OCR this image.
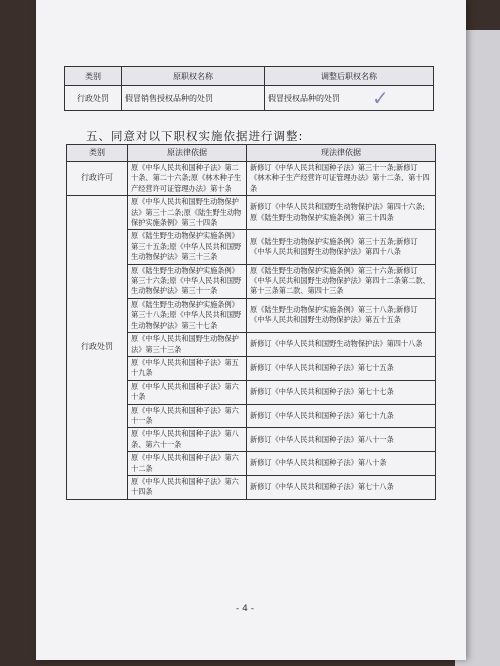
类别	原职权名称	调整后职权名称
行政处罚	假冒销售授权品种的处罚	假冒授权品种的处罚 ✓
五、同意对以下职权实施依据进行调整:
类别	原法律依据	现法律依据
行政许可	原《中华人民共和国种子法》第二十条、第二十六条;原《林木种子生产经营许可证管理办法》第十条	新修订《中华人民共和国种子法》第三十一条;新修订《林木种子生产经营许可证管理办法》第十二条、第十四条
行政处罚	原《中华人民共和国野生动物保护法》第三十二条;原《陆生野生动物保护实施条例》第三十四条	新修订《中华人民共和国野生动物保护法》第四十六条;原《陆生野生动物保护实施条例》第三十四条
	原《陆生野生动物保护实施条例》第三十五条;原《中华人民共和国野生动物保护法》第三十三条	原《陆生野生动物保护实施条例》第三十五条;新修订《中华人民共和国野生动物保护法》第四十八条
	原《陆生野生动物保护实施条例》第三十六条;原《中华人民共和国野生动物保护法》第三十一条	原《陆生野生动物保护实施条例》第三十六条;新修订《中华人民共和国野生动物保护法》第四十二条第二款、第十三条第二款、第四十三条
	原《陆生野生动物保护实施条例》第三十八条;原《中华人民共和国野生动物保护法》第三十七条	原《陆生野生动物保护实施条例》第三十八条;新修订《中华人民共和国野生动物保护法》第五十五条
	原《中华人民共和国野生动物保护法》第三十三条	新修订《中华人民共和国野生动物保护法》第四十八条
	原《中华人民共和国种子法》第五十九条	新修订《中华人民共和国种子法》第七十五条
	原《中华人民共和国种子法》第六十条	新修订《中华人民共和国种子法》第七十七条
	原《中华人民共和国种子法》第六十一条	新修订《中华人民共和国种子法》第七十九条
	原《中华人民共和国种子法》第八条、第六十一条	新修订《中华人民共和国种子法》第八十一条
	原《中华人民共和国种子法》第六十二条	新修订《中华人民共和国种子法》第八十条
	原《中华人民共和国种子法》第六十四条	新修订《中华人民共和国种子法》第七十八条
- 4 -
